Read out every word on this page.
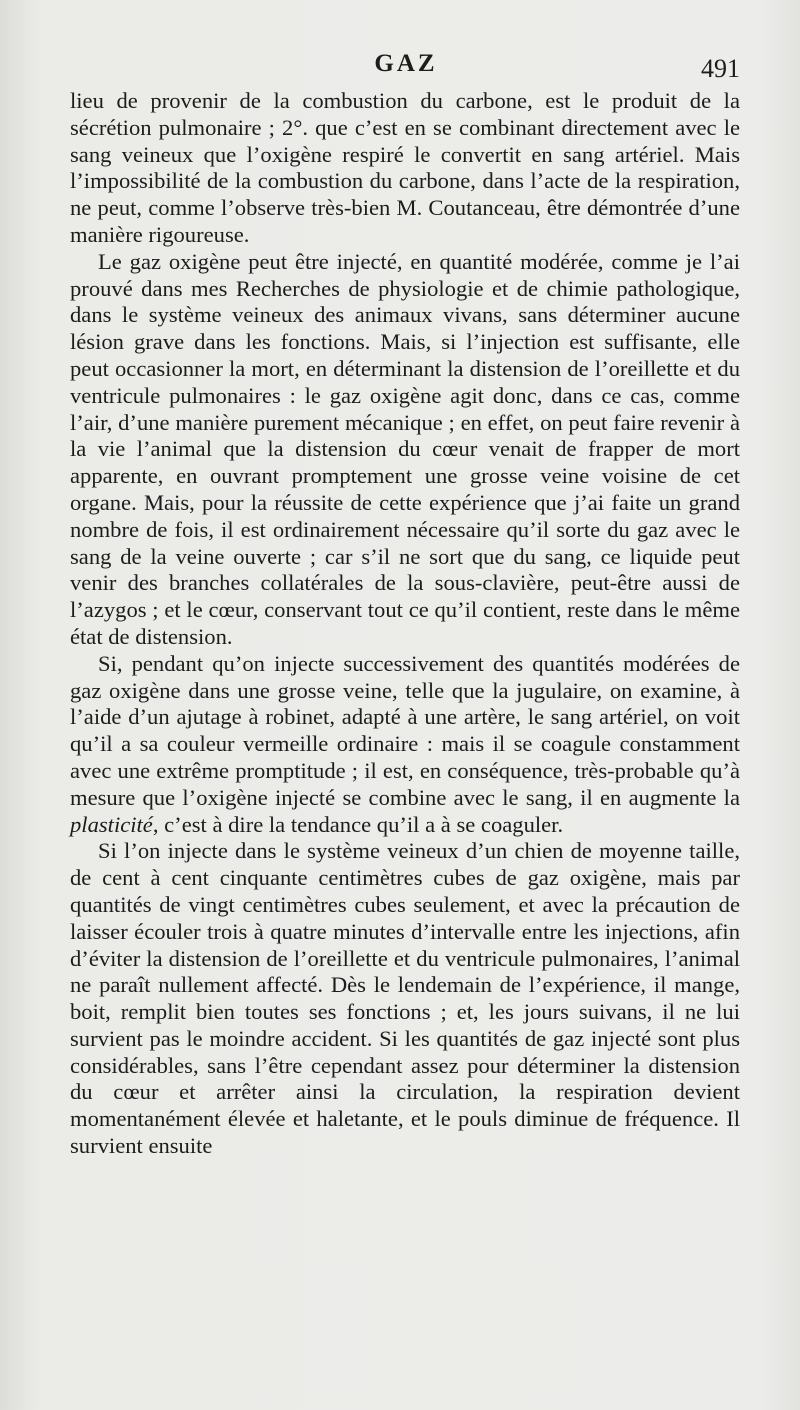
GAZ	491

lieu de provenir de la combustion du carbone, est le produit de la sécrétion pulmonaire ; 2°. que c’est en se combinant directement avec le sang veineux que l’oxigène respiré le convertit en sang artériel. Mais l’impossibilité de la combustion du carbone, dans l’acte de la respiration, ne peut, comme l’observe très-bien M. Coutanceau, être démontrée d’une manière rigoureuse.

Le gaz oxigène peut être injecté, en quantité modérée, comme je l’ai prouvé dans mes Recherches de physiologie et de chimie pathologique, dans le système veineux des animaux vivans, sans déterminer aucune lésion grave dans les fonctions. Mais, si l’injection est suffisante, elle peut occasionner la mort, en déterminant la distension de l’oreillette et du ventricule pulmonaires : le gaz oxigène agit donc, dans ce cas, comme l’air, d’une manière purement mécanique ; en effet, on peut faire revenir à la vie l’animal que la distension du cœur venait de frapper de mort apparente, en ouvrant promptement une grosse veine voisine de cet organe. Mais, pour la réussite de cette expérience que j’ai faite un grand nombre de fois, il est ordinairement nécessaire qu’il sorte du gaz avec le sang de la veine ouverte ; car s’il ne sort que du sang, ce liquide peut venir des branches collatérales de la sous-clavière, peut-être aussi de l’azygos ; et le cœur, conservant tout ce qu’il contient, reste dans le même état de distension.

Si, pendant qu’on injecte successivement des quantités modérées de gaz oxigène dans une grosse veine, telle que la jugulaire, on examine, à l’aide d’un ajutage à robinet, adapté à une artère, le sang artériel, on voit qu’il a sa couleur vermeille ordinaire : mais il se coagule constamment avec une extrême promptitude ; il est, en conséquence, très-probable qu’à mesure que l’oxigène injecté se combine avec le sang, il en augmente la plasticité, c’est à dire la tendance qu’il a à se coaguler.

Si l’on injecte dans le système veineux d’un chien de moyenne taille, de cent à cent cinquante centimètres cubes de gaz oxigène, mais par quantités de vingt centimètres cubes seulement, et avec la précaution de laisser écouler trois à quatre minutes d’intervalle entre les injections, afin d’éviter la distension de l’oreillette et du ventricule pulmonaires, l’animal ne paraît nullement affecté. Dès le lendemain de l’expérience, il mange, boit, remplit bien toutes ses fonctions ; et, les jours suivans, il ne lui survient pas le moindre accident. Si les quantités de gaz injecté sont plus considérables, sans l’être cependant assez pour déterminer la distension du cœur et arrêter ainsi la circulation, la respiration devient momentanément élevée et haletante, et le pouls diminue de fréquence. Il survient ensuite
